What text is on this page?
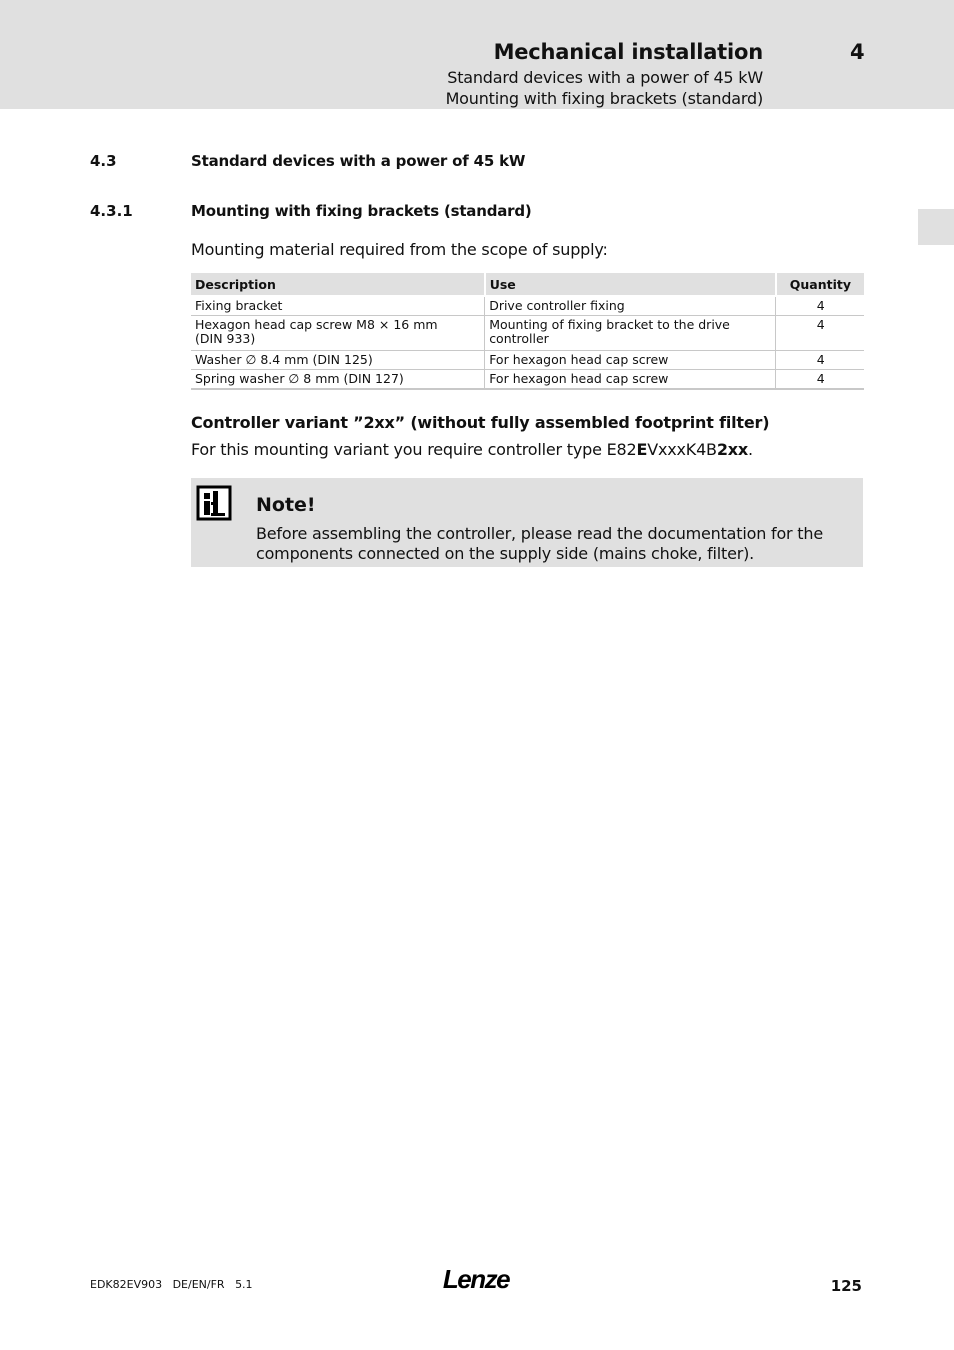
Mechanical installation	4
Standard devices with a power of 45 kW
Mounting with fixing brackets (standard)
4.3	Standard devices with a power of 45 kW
4.3.1	Mounting with fixing brackets (standard)
Mounting material required from the scope of supply:
Description	Use	Quantity
Fixing bracket	Drive controller fixing	4
Hexagon head cap screw M8 × 16 mm (DIN 933)	Mounting of fixing bracket to the drive controller	4
Washer ∅ 8.4 mm (DIN 125)	For hexagon head cap screw	4
Spring washer ∅ 8 mm (DIN 127)	For hexagon head cap screw	4
Controller variant ”2xx” (without fully assembled footprint filter)
For this mounting variant you require controller type E82EVxxxK4B2xx.
Note!
Before assembling the controller, please read the documentation for the components connected on the supply side (mains choke, filter).
EDK82EV903   DE/EN/FR   5.1	Lenze	125
